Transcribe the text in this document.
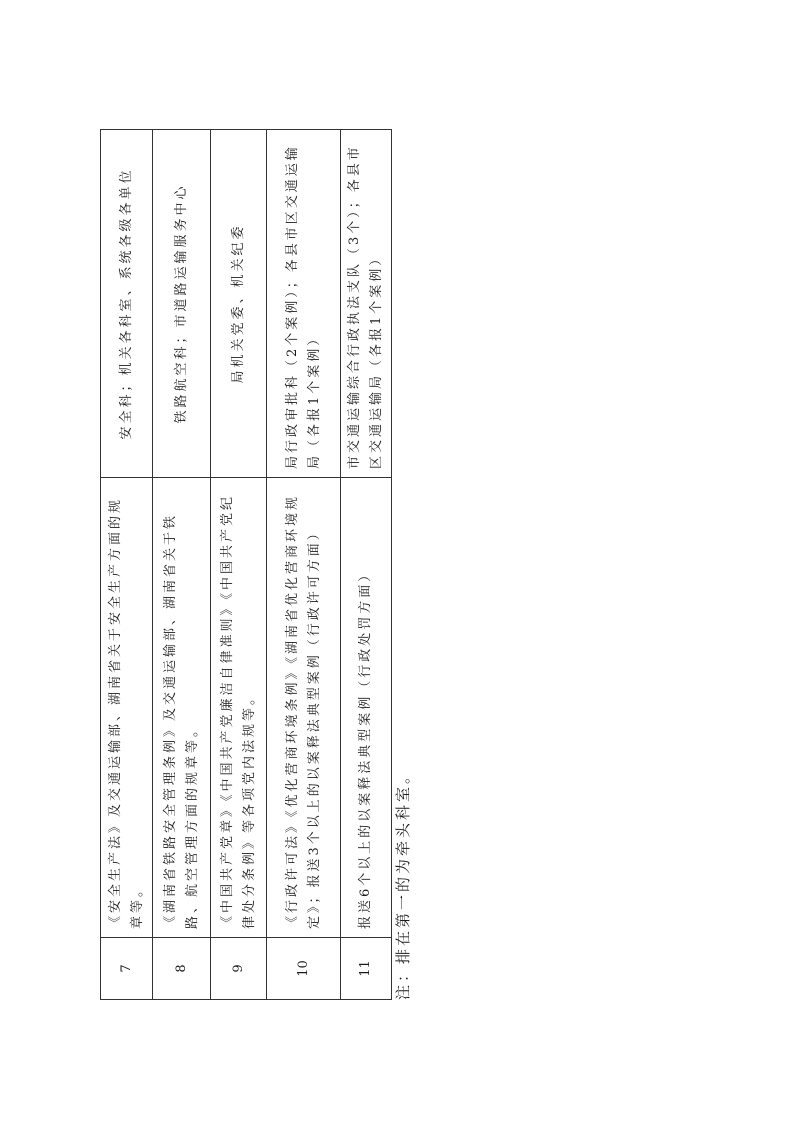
7	《安全生产法》及交通运输部、湖南省关于安全生产方面的规章等。	安全科；机关各科室、系统各级各单位
8	《湖南省铁路安全管理条例》及交通运输部、湖南省关于铁路、航空管理方面的规章等。	铁路航空科；市道路运输服务中心
9	《中国共产党章》《中国共产党廉洁自律准则》《中国共产党纪律处分条例》等各项党内法规等。	局机关党委、机关纪委
10	《行政许可法》《优化营商环境条例》《湖南省优化营商环境规定》；报送3个以上的以案释法典型案例（行政许可方面）	局行政审批科（2个案例）；各县市区交通运输局（各报1个案例）
11	报送6个以上的以案释法典型案例（行政处罚方面）	市交通运输综合行政执法支队（3个）；各县市区交通运输局（各报1个案例）
注：排在第一的为牵头科室。
